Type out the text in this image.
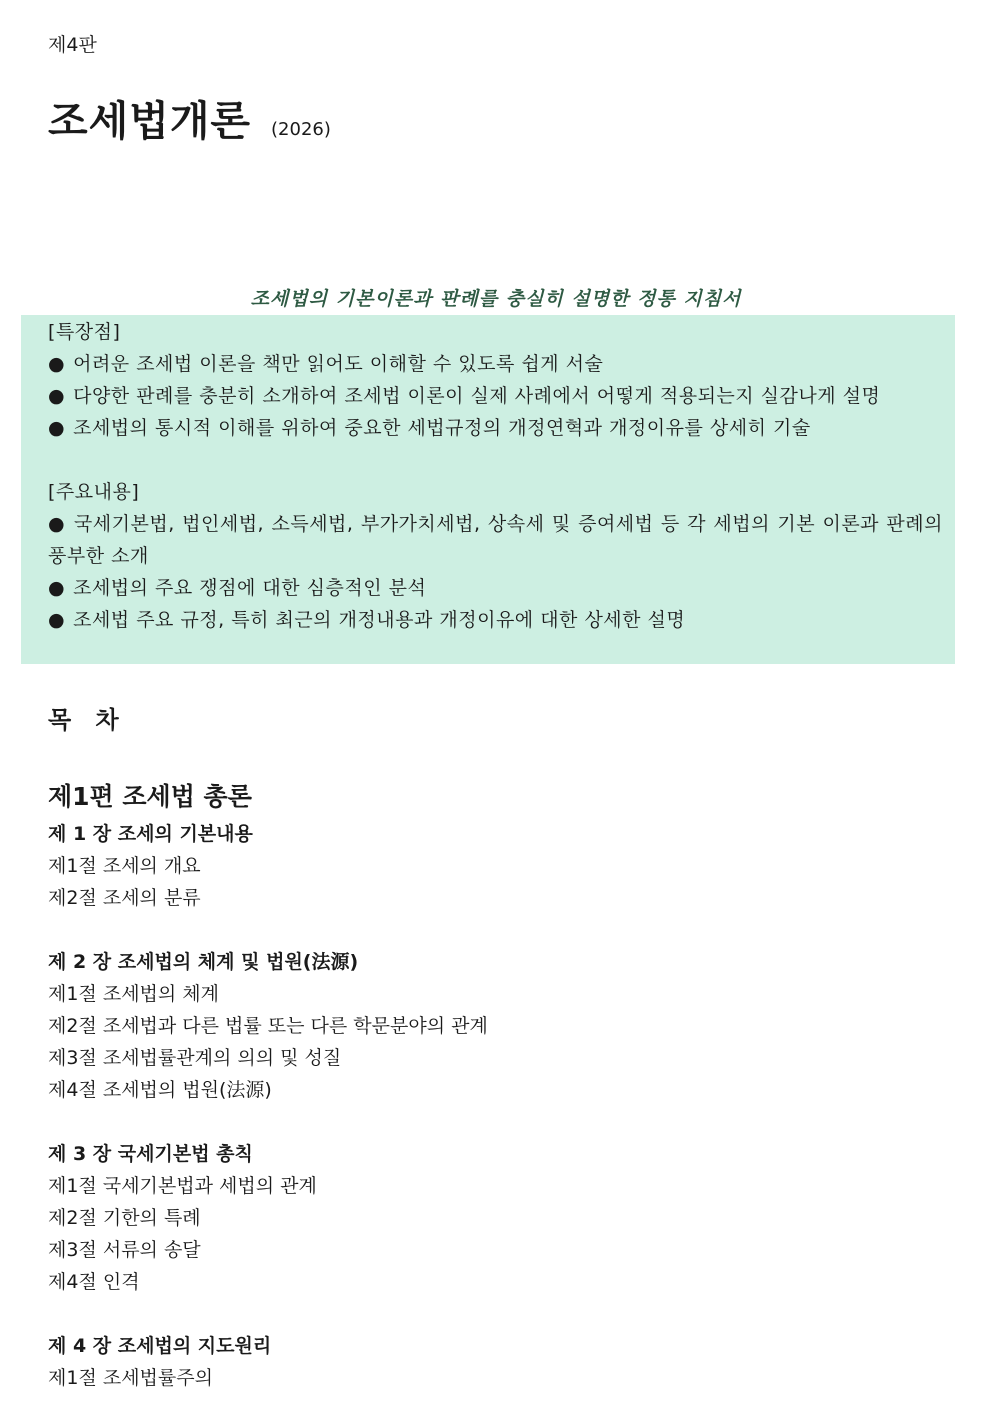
제4판
조세법개론 (2026)
조세법의 기본이론과 판례를 충실히 설명한 정통 지침서
[특장점]
● 어려운 조세법 이론을 책만 읽어도 이해할 수 있도록 쉽게 서술
● 다양한 판례를 충분히 소개하여 조세법 이론이 실제 사례에서 어떻게 적용되는지 실감나게 설명
● 조세법의 통시적 이해를 위하여 중요한 세법규정의 개정연혁과 개정이유를 상세히 기술
[주요내용]
● 국세기본법, 법인세법, 소득세법, 부가가치세법, 상속세 및 증여세법 등 각 세법의 기본 이론과 판례의 풍부한 소개
● 조세법의 주요 쟁점에 대한 심층적인 분석
● 조세법 주요 규정, 특히 최근의 개정내용과 개정이유에 대한 상세한 설명
목 차
제1편 조세법 총론
제 1 장 조세의 기본내용
제1절 조세의 개요
제2절 조세의 분류
제 2 장 조세법의 체계 및 법원(法源)
제1절 조세법의 체계
제2절 조세법과 다른 법률 또는 다른 학문분야의 관계
제3절 조세법률관계의 의의 및 성질
제4절 조세법의 법원(法源)
제 3 장 국세기본법 총칙
제1절 국세기본법과 세법의 관계
제2절 기한의 특례
제3절 서류의 송달
제4절 인격
제 4 장 조세법의 지도원리
제1절 조세법률주의
